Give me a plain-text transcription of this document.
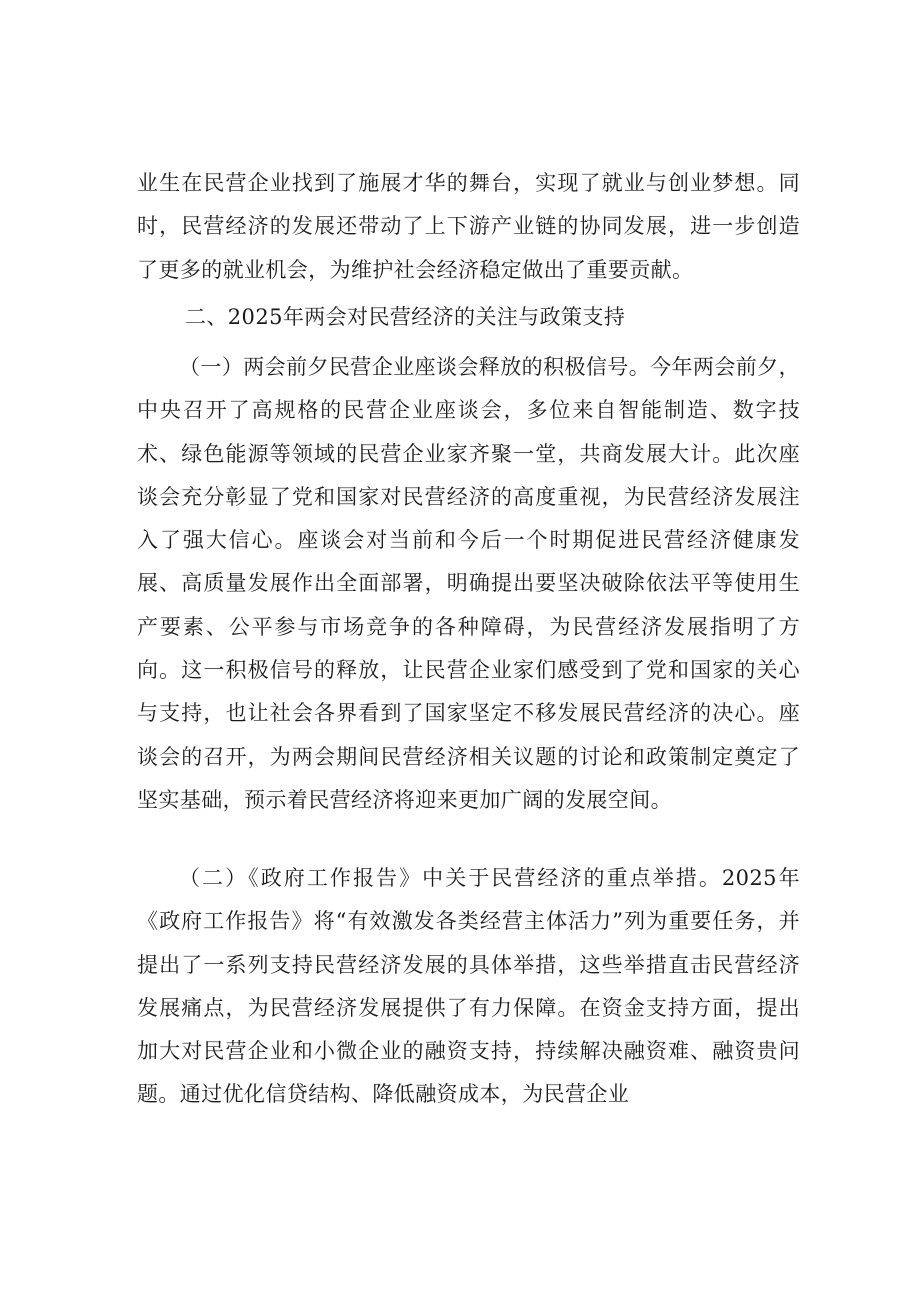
业生在民营企业找到了施展才华的舞台，实现了就业与创业梦想。同时，民营经济的发展还带动了上下游产业链的协同发展，进一步创造了更多的就业机会，为维护社会经济稳定做出了重要贡献。

二、2025年两会对民营经济的关注与政策支持

（一）两会前夕民营企业座谈会释放的积极信号。今年两会前夕，中央召开了高规格的民营企业座谈会，多位来自智能制造、数字技术、绿色能源等领域的民营企业家齐聚一堂，共商发展大计。此次座谈会充分彰显了党和国家对民营经济的高度重视，为民营经济发展注入了强大信心。座谈会对当前和今后一个时期促进民营经济健康发展、高质量发展作出全面部署，明确提出要坚决破除依法平等使用生产要素、公平参与市场竞争的各种障碍，为民营经济发展指明了方向。这一积极信号的释放，让民营企业家们感受到了党和国家的关心与支持，也让社会各界看到了国家坚定不移发展民营经济的决心。座谈会的召开，为两会期间民营经济相关议题的讨论和政策制定奠定了坚实基础，预示着民营经济将迎来更加广阔的发展空间。

（二）《政府工作报告》中关于民营经济的重点举措。2025年《政府工作报告》将“有效激发各类经营主体活力”列为重要任务，并提出了一系列支持民营经济发展的具体举措，这些举措直击民营经济发展痛点，为民营经济发展提供了有力保障。在资金支持方面，提出加大对民营企业和小微企业的融资支持，持续解决融资难、融资贵问题。通过优化信贷结构、降低融资成本，为民营企业
